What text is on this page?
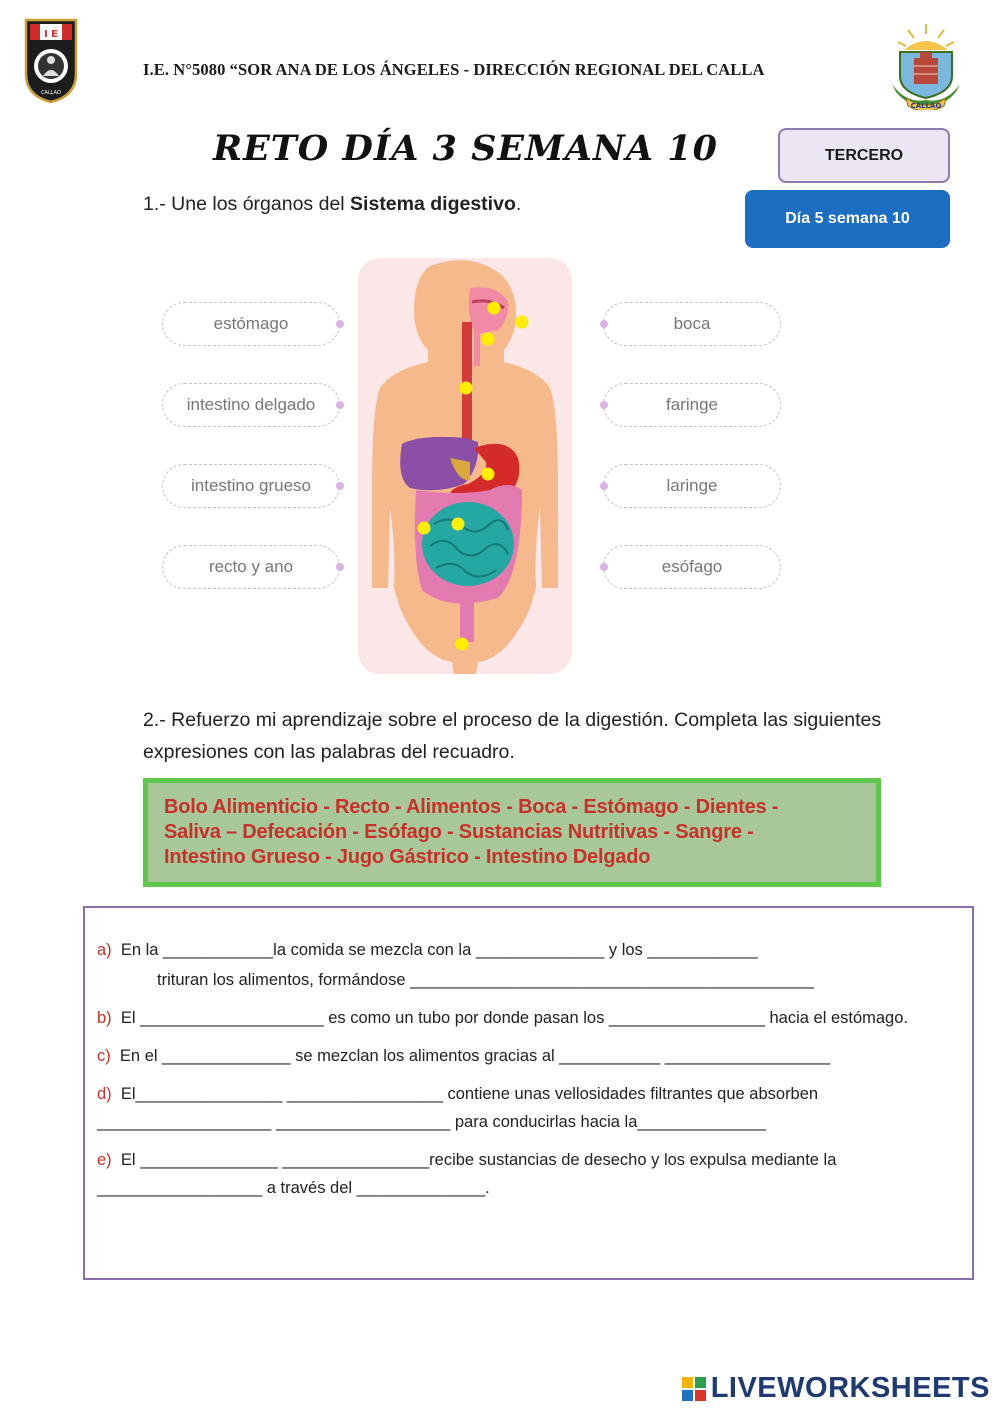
I E
CALLAO
I.E. N°5080 “SOR ANA DE LOS ÁNGELES - DIRECCIÓN REGIONAL DEL CALLA
CALLAO
RETO DÍA 3 SEMANA 10	TERCERO
Día 5 semana 10
1.- Une los órganos del Sistema digestivo.
estómago
intestino delgado
intestino grueso
recto y ano
boca
faringe
laringe
esófago
2.- Refuerzo mi aprendizaje sobre el proceso de la digestión. Completa las siguientes expresiones con las palabras del recuadro.

Bolo Alimenticio - Recto - Alimentos - Boca - Estómago - Dientes -

Saliva – Defecación - Esófago - Sustancias Nutritivas - Sangre -

Intestino Grueso - Jugo Gástrico - Intestino Delgado

a) En la ____________la comida se mezcla con la ______________ y los ____________

trituran los alimentos, formándose ____________________________________________

b) El ____________________ es como un tubo por donde pasan los _________________ hacia el estómago.

c) En el ______________ se mezclan los alimentos gracias al ___________ __________________

d) El________________ _________________ contiene unas vellosidades filtrantes que absorben ___________________ ___________________ para conducirlas hacia la______________

e) El _______________ ________________recibe sustancias de desecho y los expulsa mediante la __________________ a través del ______________.

LIVEWORKSHEETS
